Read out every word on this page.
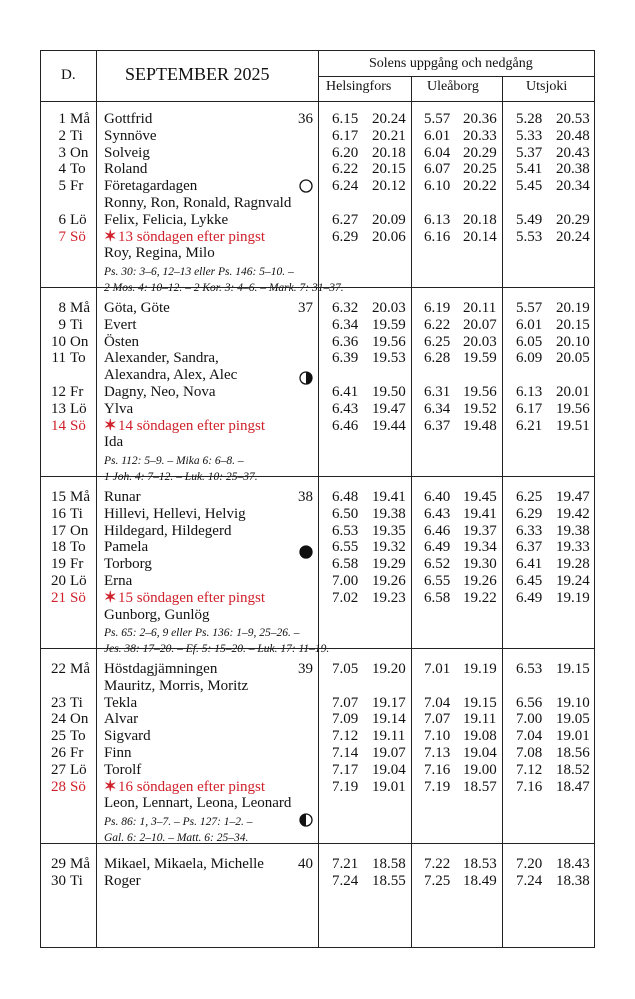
D.	SEPTEMBER 2025
Solens uppgång och nedgång
Helsingfors	Uleåborg	Utsjoki
36
1 Må Gottfrid	6.15 20.24 5.57 20.36 5.28 20.53
2 Ti Synnöve	6.17 20.21 6.01 20.33 5.33 20.48
3 On Solveig	6.20 20.18 6.04 20.29 5.37 20.43
4 To Roland	6.22 20.15 6.07 20.25 5.41 20.38
5 Fr Företagardagen	6.24 20.12 6.10 20.22 5.45 20.34
Ronny, Ron, Ronald, Ragnvald
6 Lö Felix, Felicia, Lykke	6.27 20.09 6.13 20.18 5.49 20.29
7 Sö ✶ 13 söndagen efter pingst	6.29 20.06 6.16 20.14 5.53 20.24
Roy, Regina, Milo
Ps. 30: 3–6, 12–13 eller Ps. 146: 5–10. –
2 Mos. 4: 10–12. – 2 Kor. 3: 4–6. – Mark. 7: 31–37.
37
8 Må Göta, Göte	6.32 20.03 6.19 20.11 5.57 20.19
9 Ti Evert	6.34 19.59 6.22 20.07 6.01 20.15
10 On Östen	6.36 19.56 6.25 20.03 6.05 20.10
11 To Alexander, Sandra,	6.39 19.53 6.28 19.59 6.09 20.05
Alexandra, Alex, Alec
12 Fr Dagny, Neo, Nova	6.41 19.50 6.31 19.56 6.13 20.01
13 Lö Ylva	6.43 19.47 6.34 19.52 6.17 19.56
14 Sö ✶ 14 söndagen efter pingst	6.46 19.44 6.37 19.48 6.21 19.51
Ida
Ps. 112: 5–9. – Mika 6: 6–8. –
1 Joh. 4: 7–12. – Luk. 10: 25–37.
38
15 Må Runar	6.48 19.41 6.40 19.45 6.25 19.47
16 Ti Hillevi, Hellevi, Helvig	6.50 19.38 6.43 19.41 6.29 19.42
17 On Hildegard, Hildegerd	6.53 19.35 6.46 19.37 6.33 19.38
18 To Pamela	6.55 19.32 6.49 19.34 6.37 19.33
19 Fr Torborg	6.58 19.29 6.52 19.30 6.41 19.28
20 Lö Erna	7.00 19.26 6.55 19.26 6.45 19.24
21 Sö ✶ 15 söndagen efter pingst	7.02 19.23 6.58 19.22 6.49 19.19
Gunborg, Gunlög
Ps. 65: 2–6, 9 eller Ps. 136: 1–9, 25–26. –
Jes. 38: 17–20. – Ef. 5: 15–20. – Luk. 17: 11–19.
39
22 Må Höstdagjämningen	7.05 19.20 7.01 19.19 6.53 19.15
Mauritz, Morris, Moritz
23 Ti Tekla	7.07 19.17 7.04 19.15 6.56 19.10
24 On Alvar	7.09 19.14 7.07 19.11 7.00 19.05
25 To Sigvard	7.12 19.11 7.10 19.08 7.04 19.01
26 Fr Finn	7.14 19.07 7.13 19.04 7.08 18.56
27 Lö Torolf	7.17 19.04 7.16 19.00 7.12 18.52
28 Sö ✶ 16 söndagen efter pingst	7.19 19.01 7.19 18.57 7.16 18.47
Leon, Lennart, Leona, Leonard
Ps. 86: 1, 3–7. – Ps. 127: 1–2. –
Gal. 6: 2–10. – Matt. 6: 25–34.
40
29 Må Mikael, Mikaela, Michelle	7.21 18.58 7.22 18.53 7.20 18.43
30 Ti Roger	7.24 18.55 7.25 18.49 7.24 18.38
